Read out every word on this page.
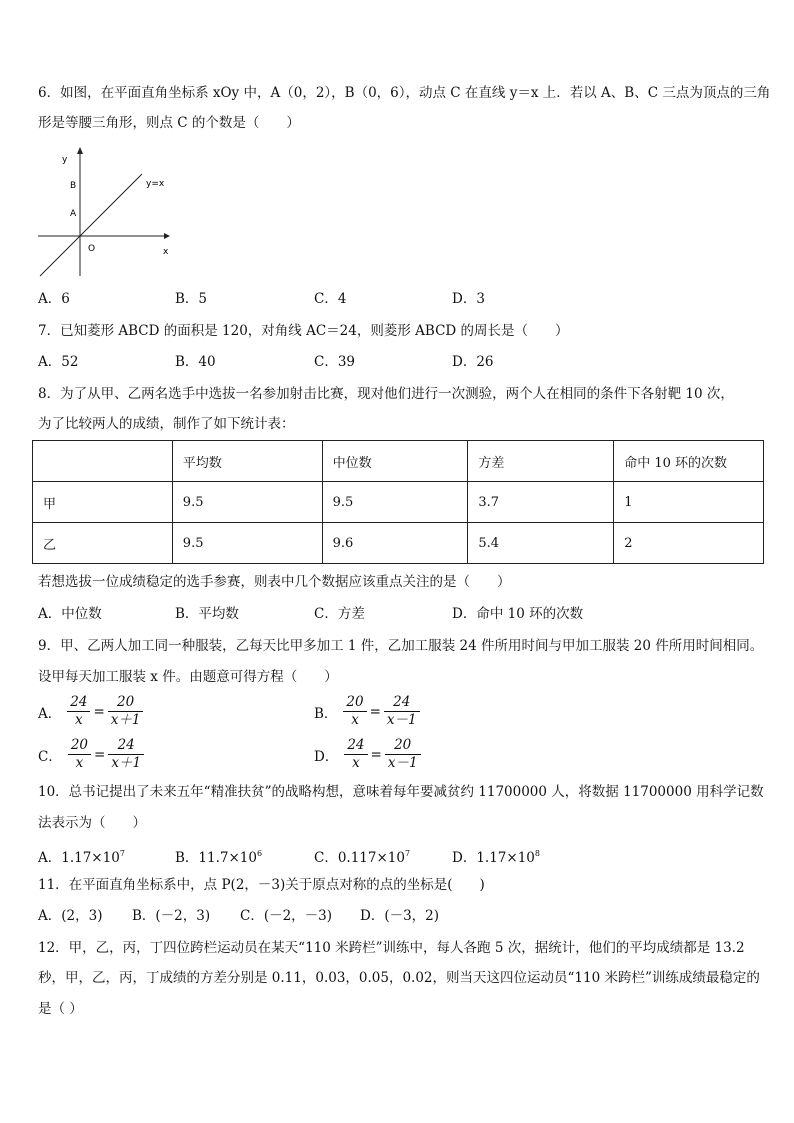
6．如图，在平面直角坐标系 xOy 中，A（0，2），B（0，6），动点 C 在直线 y＝x 上．若以 A、B、C 三点为顶点的三角
形是等腰三角形，则点 C 的个数是（　　）
y
x
O
B
A
y=x
A．6	B．5	C．4	D．3
7．已知菱形 ABCD 的面积是 120，对角线 AC＝24，则菱形 ABCD 的周长是（　　）
A．52	B．40	C．39	D．26
8．为了从甲、乙两名选手中选拔一名参加射击比赛，现对他们进行一次测验，两个人在相同的条件下各射靶 10 次，
为了比较两人的成绩，制作了如下统计表：
	平均数	中位数	方差	命中 10 环的次数
甲	9.5	9.5	3.7	1
乙	9.5	9.6	5.4	2
若想选拔一位成绩稳定的选手参赛，则表中几个数据应该重点关注的是（　　）
A．中位数	B．平均数	C．方差	D．命中 10 环的次数
9．甲、乙两人加工同一种服装，乙每天比甲多加工 1 件，乙加工服装 24 件所用时间与甲加工服装 20 件所用时间相同。
设甲每天加工服装 x 件。由题意可得方程（　　）
A． $\frac{24}{x} = \frac{20}{x+1}$	B． $\frac{20}{x} = \frac{24}{x-1}$
C． $\frac{20}{x} = \frac{24}{x+1}$	D． $\frac{24}{x} = \frac{20}{x-1}$
10．总书记提出了未来五年“精准扶贫”的战略构想，意味着每年要减贫约 11700000 人，将数据 11700000 用科学记数
法表示为（　　）
A．$1.17\times 10^7$	B．$11.7\times 10^6$	C．$0.117\times 10^7$	D．$1.17\times 10^8$
11．在平面直角坐标系中，点 P(2，－3)关于原点对称的点的坐标是(　　)
A．(2，3) B．(－2，3) C．(－2，－3) D．(－3，2)
12．甲，乙，丙，丁四位跨栏运动员在某天“110 米跨栏”训练中，每人各跑 5 次，据统计，他们的平均成绩都是 13.2
秒，甲，乙，丙，丁成绩的方差分别是 0.11，0.03，0.05，0.02，则当天这四位运动员“110 米跨栏”训练成绩最稳定的
是（ ）
